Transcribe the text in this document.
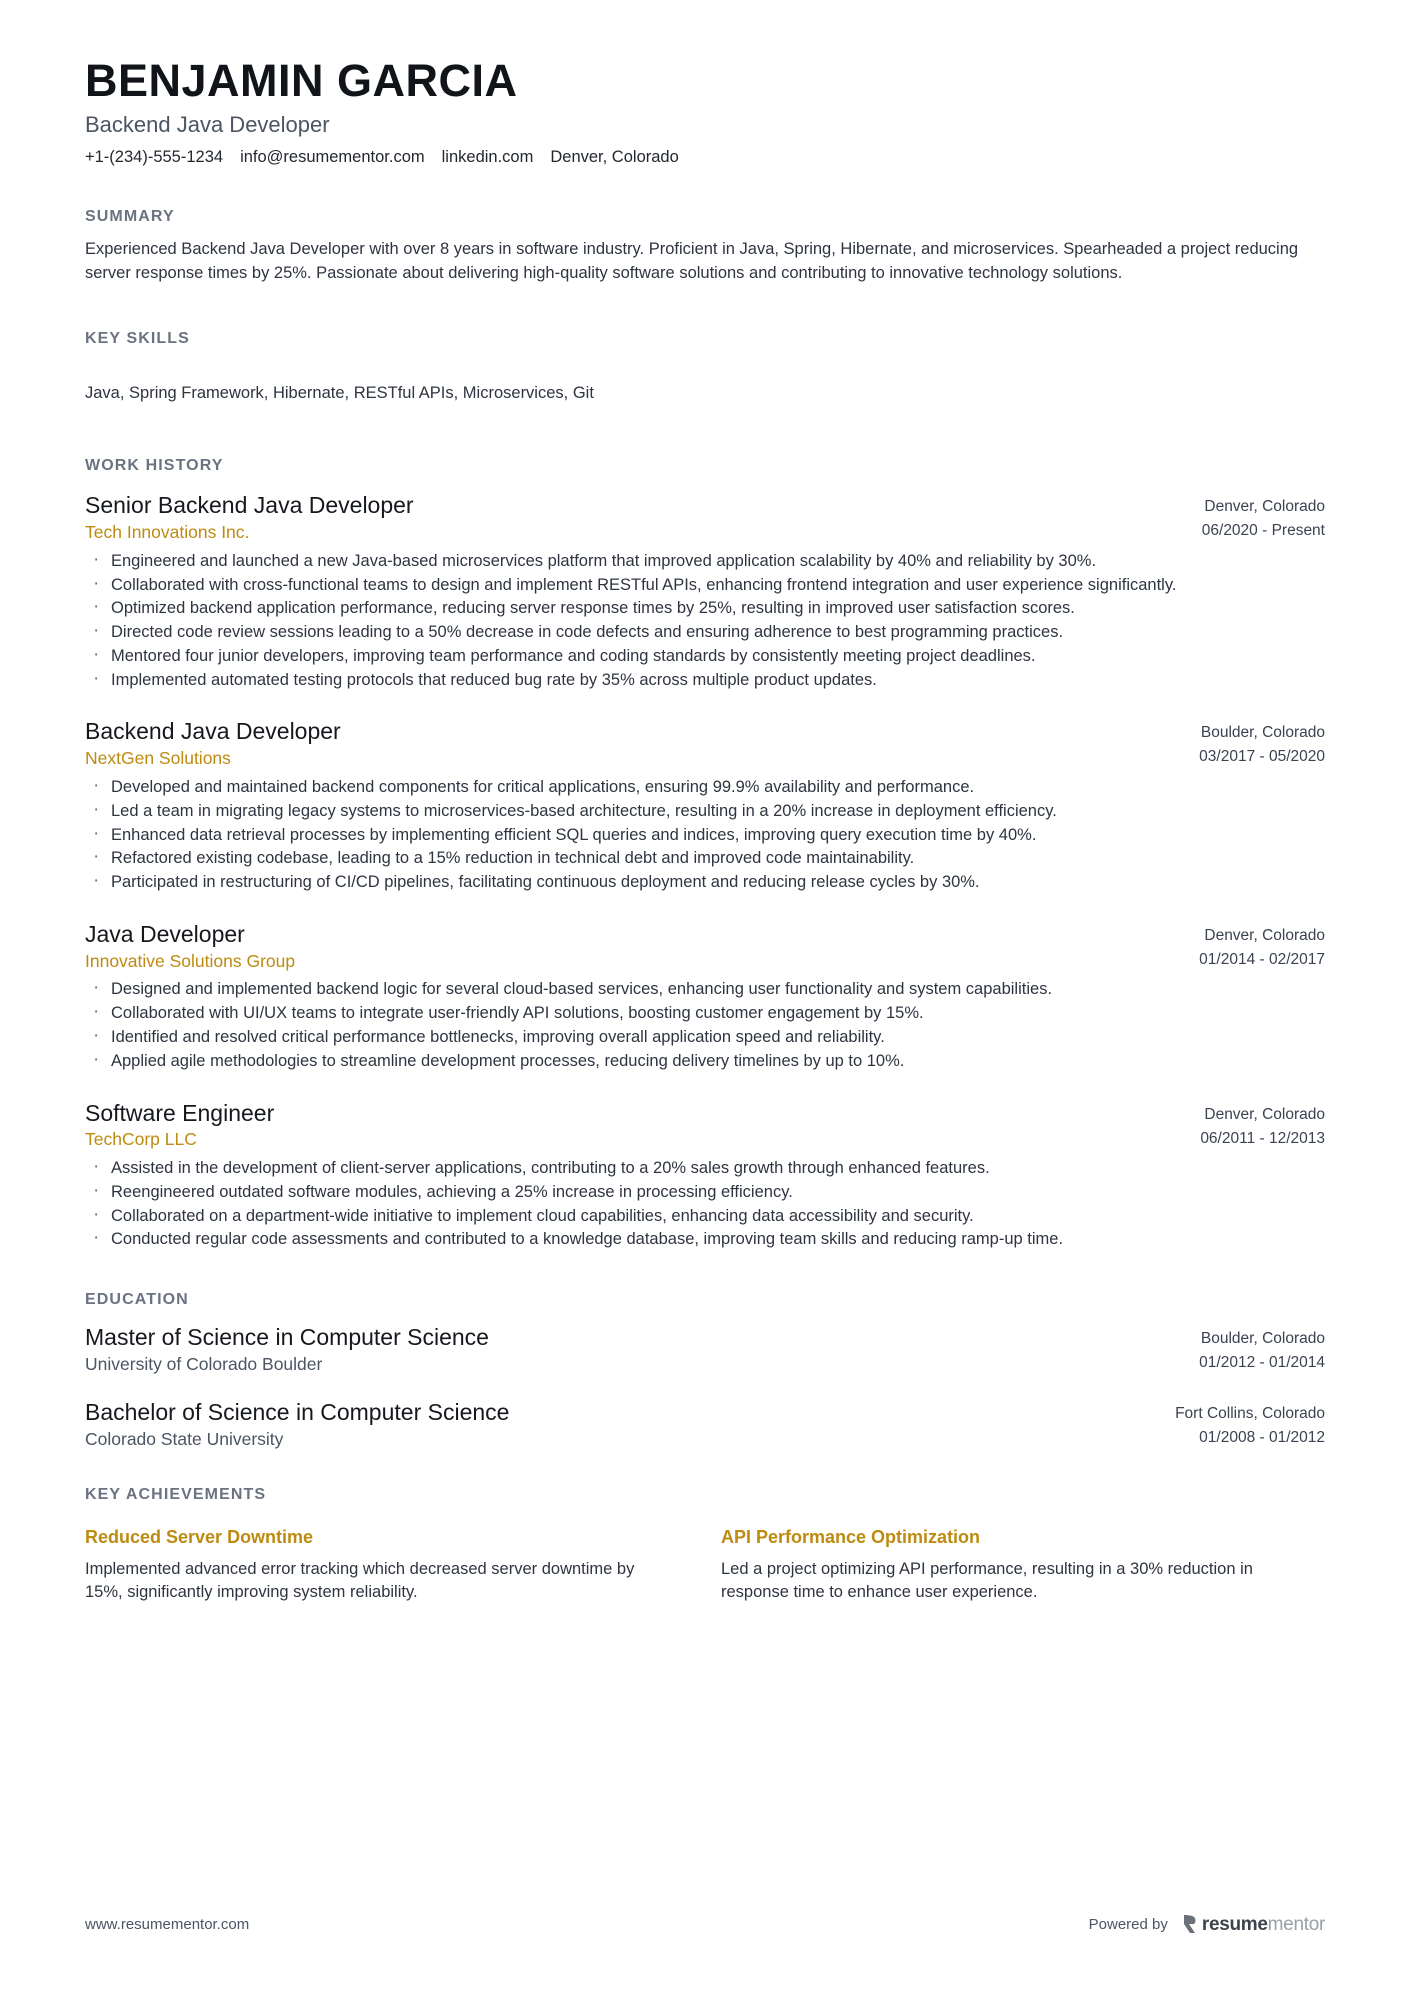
BENJAMIN GARCIA
Backend Java Developer
+1-(234)-555-1234 info@resumementor.com linkedin.com Denver, Colorado
SUMMARY

Experienced Backend Java Developer with over 8 years in software industry. Proficient in Java, Spring, Hibernate, and microservices. Spearheaded a project reducing server response times by 25%. Passionate about delivering high-quality software solutions and contributing to innovative technology solutions.

KEY SKILLS

Java, Spring Framework, Hibernate, RESTful APIs, Microservices, Git

WORK HISTORY
Senior Backend Java Developer
Tech Innovations Inc.
Denver, Colorado
06/2020 - Present
· Engineered and launched a new Java-based microservices platform that improved application scalability by 40% and reliability by 30%.
· Collaborated with cross-functional teams to design and implement RESTful APIs, enhancing frontend integration and user experience significantly.
· Optimized backend application performance, reducing server response times by 25%, resulting in improved user satisfaction scores.
· Directed code review sessions leading to a 50% decrease in code defects and ensuring adherence to best programming practices.
· Mentored four junior developers, improving team performance and coding standards by consistently meeting project deadlines.
· Implemented automated testing protocols that reduced bug rate by 35% across multiple product updates.
Backend Java Developer
NextGen Solutions
Boulder, Colorado
03/2017 - 05/2020
· Developed and maintained backend components for critical applications, ensuring 99.9% availability and performance.
· Led a team in migrating legacy systems to microservices-based architecture, resulting in a 20% increase in deployment efficiency.
· Enhanced data retrieval processes by implementing efficient SQL queries and indices, improving query execution time by 40%.
· Refactored existing codebase, leading to a 15% reduction in technical debt and improved code maintainability.
· Participated in restructuring of CI/CD pipelines, facilitating continuous deployment and reducing release cycles by 30%.
Java Developer
Innovative Solutions Group
Denver, Colorado
01/2014 - 02/2017
· Designed and implemented backend logic for several cloud-based services, enhancing user functionality and system capabilities.
· Collaborated with UI/UX teams to integrate user-friendly API solutions, boosting customer engagement by 15%.
· Identified and resolved critical performance bottlenecks, improving overall application speed and reliability.
· Applied agile methodologies to streamline development processes, reducing delivery timelines by up to 10%.
Software Engineer
TechCorp LLC
Denver, Colorado
06/2011 - 12/2013
· Assisted in the development of client-server applications, contributing to a 20% sales growth through enhanced features.
· Reengineered outdated software modules, achieving a 25% increase in processing efficiency.
· Collaborated on a department-wide initiative to implement cloud capabilities, enhancing data accessibility and security.
· Conducted regular code assessments and contributed to a knowledge database, improving team skills and reducing ramp-up time.
EDUCATION
Master of Science in Computer Science
University of Colorado Boulder
Boulder, Colorado
01/2012 - 01/2014
Bachelor of Science in Computer Science
Colorado State University
Fort Collins, Colorado
01/2008 - 01/2012
KEY ACHIEVEMENTS
Reduced Server Downtime

Implemented advanced error tracking which decreased server downtime by 15%, significantly improving system reliability.

API Performance Optimization

Led a project optimizing API performance, resulting in a 30% reduction in response time to enhance user experience.

www.resumementor.com	Powered by resumementor
